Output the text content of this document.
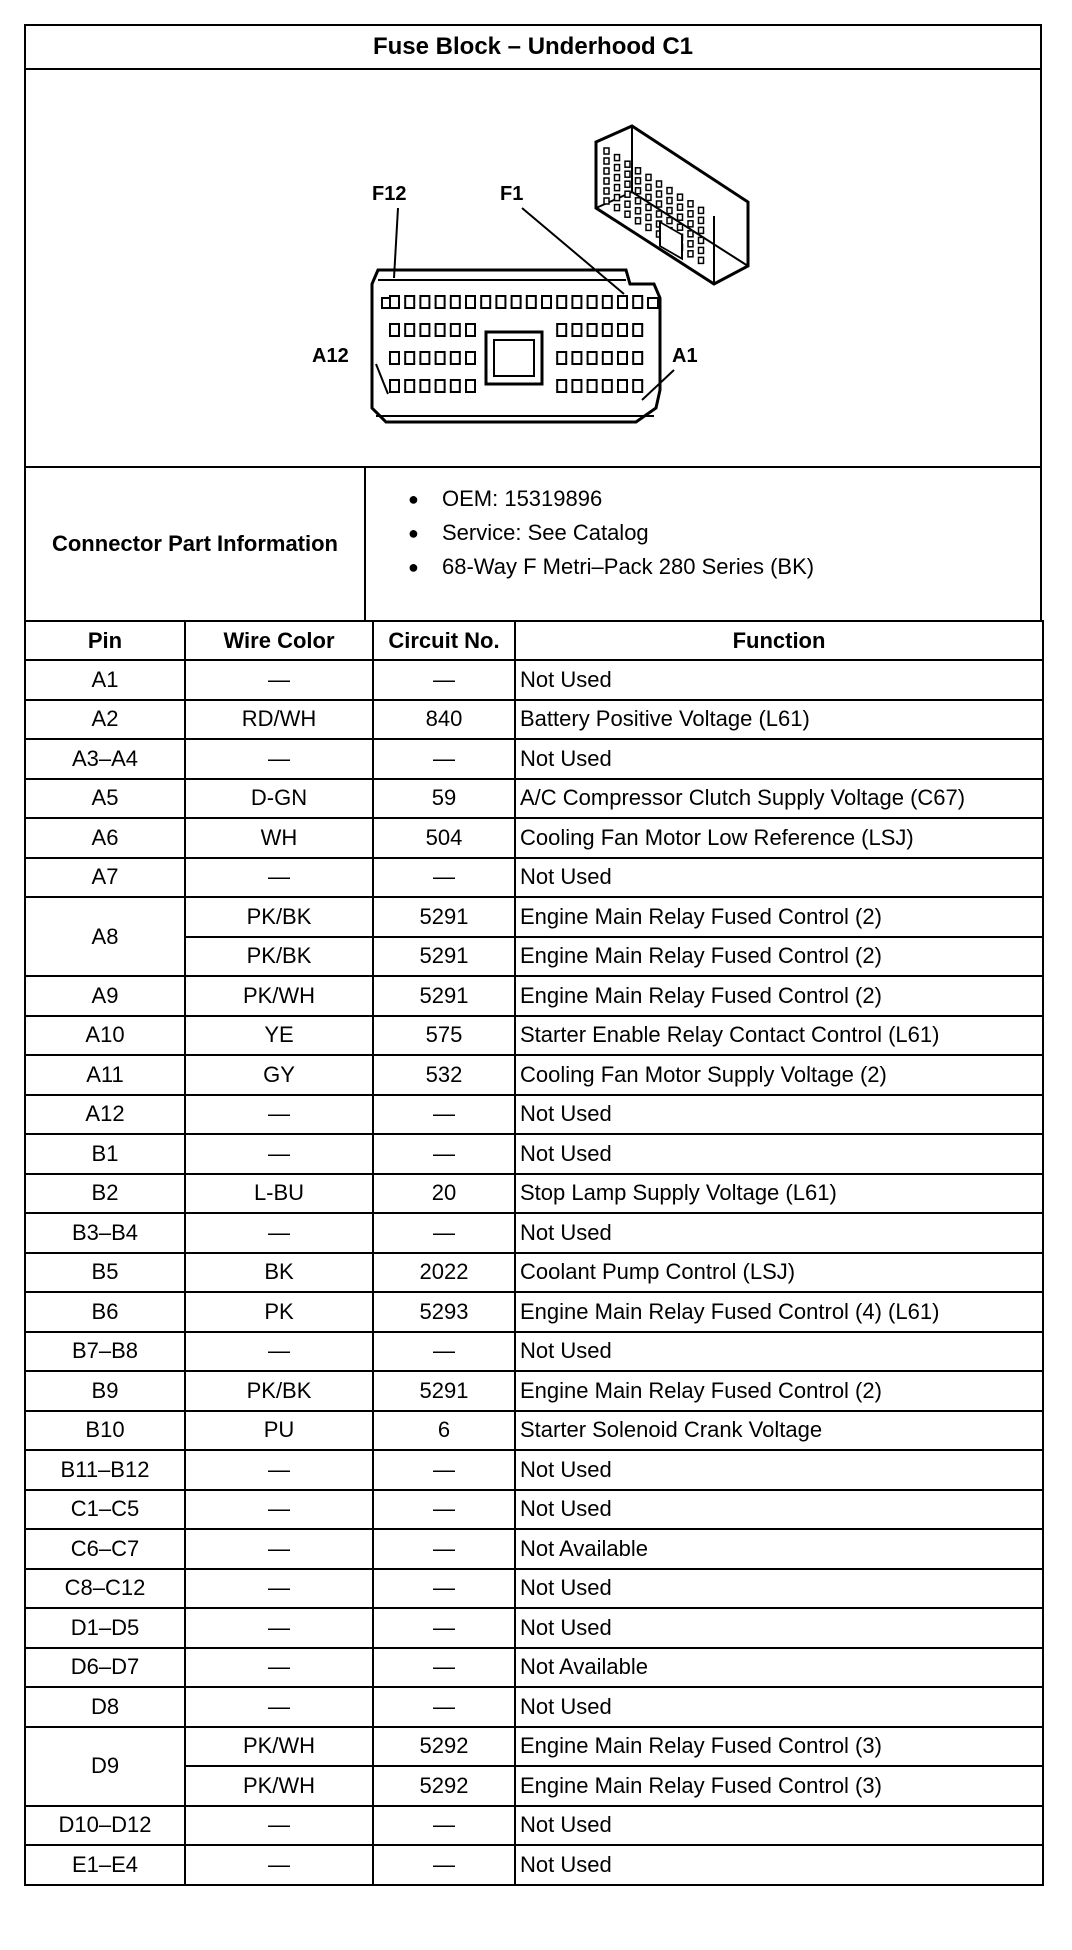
Fuse Block – Underhood C1
F12	F1
A12	A1
Connector Part Information
●	OEM: 15319896
●	Service: See Catalog
●	68-Way F Metri–Pack 280 Series (BK)
Pin	Wire Color	Circuit No.	Function
A1	—	—	Not Used
A2	RD/WH	840	Battery Positive Voltage (L61)
A3–A4	—	—	Not Used
A5	D-GN	59	A/C Compressor Clutch Supply Voltage (C67)
A6	WH	504	Cooling Fan Motor Low Reference (LSJ)
A7	—	—	Not Used
A8	PK/BK	5291	Engine Main Relay Fused Control (2)
	PK/BK	5291	Engine Main Relay Fused Control (2)
A9	PK/WH	5291	Engine Main Relay Fused Control (2)
A10	YE	575	Starter Enable Relay Contact Control (L61)
A11	GY	532	Cooling Fan Motor Supply Voltage (2)
A12	—	—	Not Used
B1	—	—	Not Used
B2	L-BU	20	Stop Lamp Supply Voltage (L61)
B3–B4	—	—	Not Used
B5	BK	2022	Coolant Pump Control (LSJ)
B6	PK	5293	Engine Main Relay Fused Control (4) (L61)
B7–B8	—	—	Not Used
B9	PK/BK	5291	Engine Main Relay Fused Control (2)
B10	PU	6	Starter Solenoid Crank Voltage
B11–B12	—	—	Not Used
C1–C5	—	—	Not Used
C6–C7	—	—	Not Available
C8–C12	—	—	Not Used
D1–D5	—	—	Not Used
D6–D7	—	—	Not Available
D8	—	—	Not Used
D9	PK/WH	5292	Engine Main Relay Fused Control (3)
	PK/WH	5292	Engine Main Relay Fused Control (3)
D10–D12	—	—	Not Used
E1–E4	—	—	Not Used
